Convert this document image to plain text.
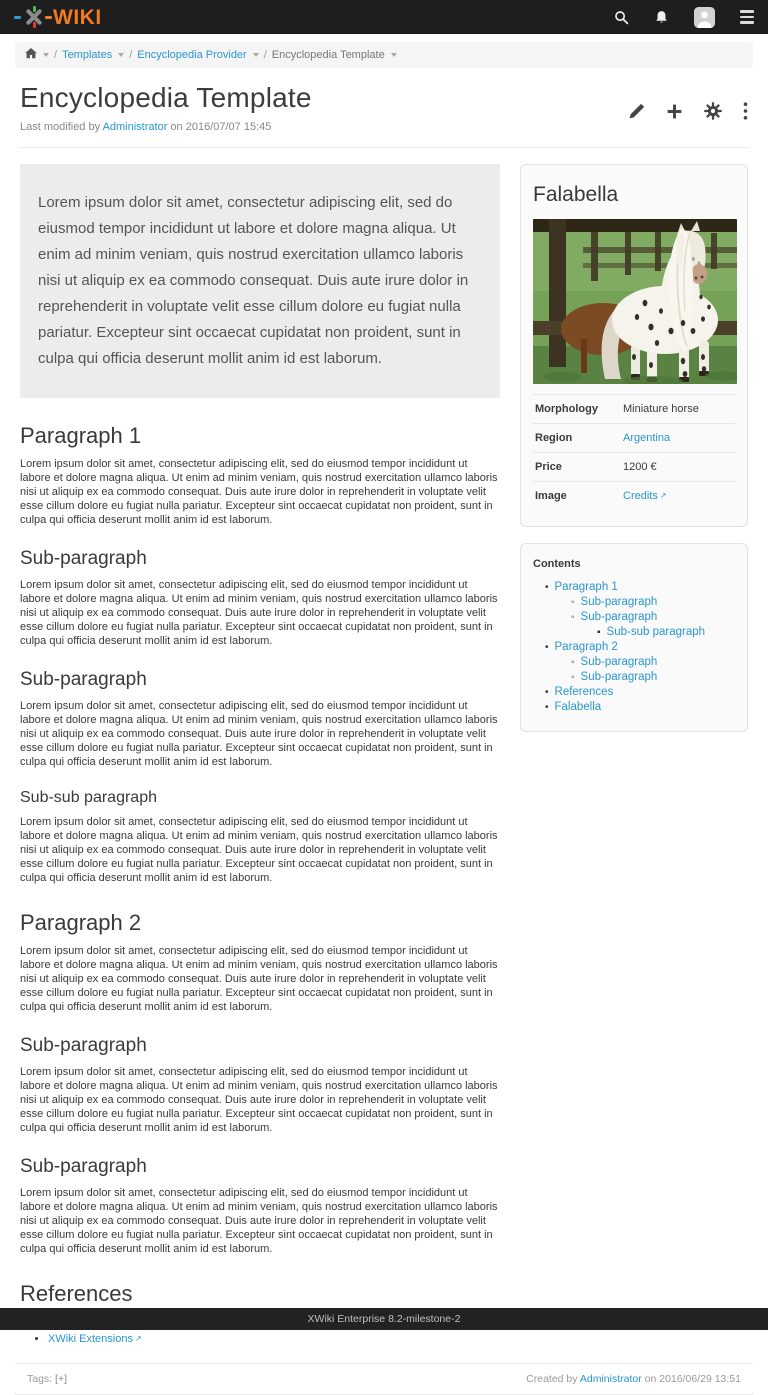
WIKI
/ Templates / Encyclopedia Provider / Encyclopedia Template
Encyclopedia Template
Last modified by Administrator on 2016/07/07 15:45
Lorem ipsum dolor sit amet, consectetur adipiscing elit, sed do eiusmod tempor incididunt ut labore et dolore magna aliqua. Ut enim ad minim veniam, quis nostrud exercitation ullamco laboris nisi ut aliquip ex ea commodo consequat. Duis aute irure dolor in reprehenderit in voluptate velit esse cillum dolore eu fugiat nulla pariatur. Excepteur sint occaecat cupidatat non proident, sunt in culpa qui officia deserunt mollit anim id est laborum.
Paragraph 1

Lorem ipsum dolor sit amet, consectetur adipiscing elit, sed do eiusmod tempor incididunt ut labore et dolore magna aliqua. Ut enim ad minim veniam, quis nostrud exercitation ullamco laboris nisi ut aliquip ex ea commodo consequat. Duis aute irure dolor in reprehenderit in voluptate velit esse cillum dolore eu fugiat nulla pariatur. Excepteur sint occaecat cupidatat non proident, sunt in culpa qui officia deserunt mollit anim id est laborum.

Sub-paragraph

Lorem ipsum dolor sit amet, consectetur adipiscing elit, sed do eiusmod tempor incididunt ut labore et dolore magna aliqua. Ut enim ad minim veniam, quis nostrud exercitation ullamco laboris nisi ut aliquip ex ea commodo consequat. Duis aute irure dolor in reprehenderit in voluptate velit esse cillum dolore eu fugiat nulla pariatur. Excepteur sint occaecat cupidatat non proident, sunt in culpa qui officia deserunt mollit anim id est laborum.

Sub-paragraph

Lorem ipsum dolor sit amet, consectetur adipiscing elit, sed do eiusmod tempor incididunt ut labore et dolore magna aliqua. Ut enim ad minim veniam, quis nostrud exercitation ullamco laboris nisi ut aliquip ex ea commodo consequat. Duis aute irure dolor in reprehenderit in voluptate velit esse cillum dolore eu fugiat nulla pariatur. Excepteur sint occaecat cupidatat non proident, sunt in culpa qui officia deserunt mollit anim id est laborum.

Sub-sub paragraph

Lorem ipsum dolor sit amet, consectetur adipiscing elit, sed do eiusmod tempor incididunt ut labore et dolore magna aliqua. Ut enim ad minim veniam, quis nostrud exercitation ullamco laboris nisi ut aliquip ex ea commodo consequat. Duis aute irure dolor in reprehenderit in voluptate velit esse cillum dolore eu fugiat nulla pariatur. Excepteur sint occaecat cupidatat non proident, sunt in culpa qui officia deserunt mollit anim id est laborum.

Paragraph 2

Lorem ipsum dolor sit amet, consectetur adipiscing elit, sed do eiusmod tempor incididunt ut labore et dolore magna aliqua. Ut enim ad minim veniam, quis nostrud exercitation ullamco laboris nisi ut aliquip ex ea commodo consequat. Duis aute irure dolor in reprehenderit in voluptate velit esse cillum dolore eu fugiat nulla pariatur. Excepteur sint occaecat cupidatat non proident, sunt in culpa qui officia deserunt mollit anim id est laborum.

Sub-paragraph

Lorem ipsum dolor sit amet, consectetur adipiscing elit, sed do eiusmod tempor incididunt ut labore et dolore magna aliqua. Ut enim ad minim veniam, quis nostrud exercitation ullamco laboris nisi ut aliquip ex ea commodo consequat. Duis aute irure dolor in reprehenderit in voluptate velit esse cillum dolore eu fugiat nulla pariatur. Excepteur sint occaecat cupidatat non proident, sunt in culpa qui officia deserunt mollit anim id est laborum.

Sub-paragraph

Lorem ipsum dolor sit amet, consectetur adipiscing elit, sed do eiusmod tempor incididunt ut labore et dolore magna aliqua. Ut enim ad minim veniam, quis nostrud exercitation ullamco laboris nisi ut aliquip ex ea commodo consequat. Duis aute irure dolor in reprehenderit in voluptate velit esse cillum dolore eu fugiat nulla pariatur. Excepteur sint occaecat cupidatat non proident, sunt in culpa qui officia deserunt mollit anim id est laborum.

References
•
• XWiki Extensions ↗
Falabella
Morphology	Miniature horse
Region	Argentina
Price	1200 €
Image	Credits ↗
Contents
• Paragraph 1
◦ Sub-paragraph
◦ Sub-paragraph
▪ Sub-sub paragraph
• Paragraph 2
◦ Sub-paragraph
◦ Sub-paragraph
• References
• Falabella
Tags: [+]	Created by Administrator on 2016/06/29 13:51
XWiki Enterprise 8.2-milestone-2
